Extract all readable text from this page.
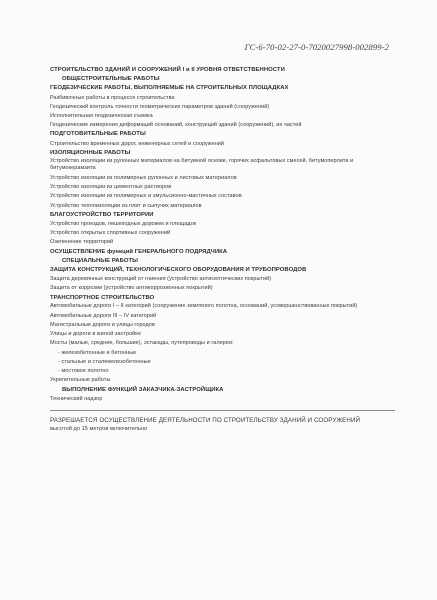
ГС-6-70-02-27-0-7020027998-002899-2
СТРОИТЕЛЬСТВО ЗДАНИЙ И СООРУЖЕНИЙ I и II УРОВНЯ ОТВЕТСТВЕННОСТИ
ОБЩЕСТРОИТЕЛЬНЫЕ РАБОТЫ
ГЕОДЕЗИЧЕСКИЕ РАБОТЫ, ВЫПОЛНЯЕМЫЕ НА СТРОИТЕЛЬНЫХ ПЛОЩАДКАХ
Разбивочные работы в процессе строительства
Геодезический контроль точности геометрических параметров зданий (сооружений)
Исполнительная геодезическая съемка
Геодезические измерения деформаций оснований, конструкций зданий (сооружений), их частей
ПОДГОТОВИТЕЛЬНЫЕ РАБОТЫ
Строительство временных дорог, инженерных сетей и сооружений
ИЗОЛЯЦИОННЫЕ РАБОТЫ
Устройство изоляции из рулонных материалов на битумной основе, горячих асфальтовых смесей, битумоперлита и битумокерамзита
Устройство изоляции из полимерных рулонных и листовых материалов
Устройство изоляции из цементных растворов
Устройство изоляции из полимерных и эмульсионно-мастичных составов
Устройство теплоизоляции из плит и сыпучих материалов
БЛАГОУСТРОЙСТВО ТЕРРИТОРИИ
Устройство проездов, пешеходных дорожек и площадок
Устройство открытых спортивных сооружений
Озеленение территорий
ОСУЩЕСТВЛЕНИЕ функций ГЕНЕРАЛЬНОГО ПОДРЯДЧИКА
СПЕЦИАЛЬНЫЕ РАБОТЫ
ЗАЩИТА КОНСТРУКЦИЙ, ТЕХНОЛОГИЧЕСКОГО ОБОРУДОВАНИЯ И ТРУБОПРОВОДОВ
Защита деревянных конструкций от гниения (устройство антисептических покрытий)
Защита от коррозии (устройство антикоррозионных покрытий)
ТРАНСПОРТНОЕ СТРОИТЕЛЬСТВО
Автомобильные дороги I – II категорий (сооружение земляного полотна, оснований, усовершенствованных покрытий)
Автомобильные дороги III – IV категорий
Магистральные дороги и улицы городов
Улицы и дороги в жилой застройке
Мосты (малые, средние, большие), эстакады, путепроводы и галереи:
- железобетонные и бетонные
- стальные и сталежелезобетонные
- мостовое полотно
Укрепительные работы
ВЫПОЛНЕНИЕ ФУНКЦИЙ ЗАКАЗЧИКА-ЗАСТРОЙЩИКА
Технический надзор
РАЗРЕШАЕТСЯ ОСУЩЕСТВЛЕНИЕ ДЕЯТЕЛЬНОСТИ ПО СТРОИТЕЛЬСТВУ ЗДАНИЙ И СООРУЖЕНИЙ
высотой до 15 метров включительно
